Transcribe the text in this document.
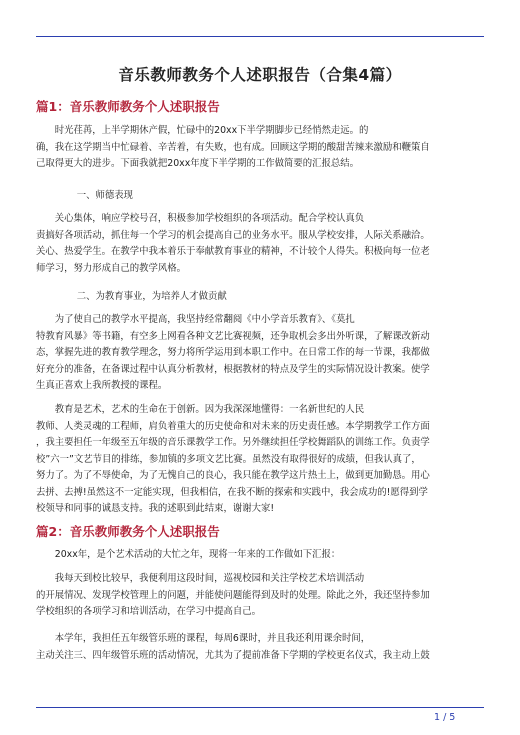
音乐教师教务个人述职报告（合集4篇）
篇1：音乐教师教务个人述职报告
　　时光荏苒，上半学期休产假，忙碌中的20xx下半学期脚步已经悄然走远。的
确，我在这学期当中忙碌着、辛苦着，有失败，也有成。回顾这学期的酸甜苦辣来激励和鞭策自
己取得更大的进步。下面我就把20xx年度下半学期的工作做简要的汇报总结。
　　一、师德表现
　　关心集体，响应学校号召，积极参加学校组织的各项活动。配合学校认真负
责搞好各项活动，抓住每一个学习的机会提高自己的业务水平。服从学校安排，人际关系融洽。
关心、热爱学生。在教学中我本着乐于奉献教育事业的精神，不计较个人得失。积极向每一位老
师学习，努力形成自己的教学风格。
　　二、为教育事业，为培养人才做贡献
　　为了使自己的教学水平提高，我坚持经常翻阅《中小学音乐教育》、《莫扎
特教育风暴》等书籍，有空多上网看各种文艺比赛视频，还争取机会多出外听课，了解课改新动
态，掌握先进的教育教学理念，努力将所学运用到本职工作中。在日常工作的每一节课，我都做
好充分的准备，在备课过程中认真分析教材，根据教材的特点及学生的实际情况设计教案。使学
生真正喜欢上我所教授的课程。
　　教育是艺术，艺术的生命在于创新。因为我深深地懂得：一名新世纪的人民
教师、人类灵魂的工程师，肩负着重大的历史使命和对未来的历史责任感。本学期教学工作方面
，我主要担任一年级至五年级的音乐课教学工作。另外继续担任学校舞蹈队的训练工作。负责学
校”六一”文艺节目的排练，参加镇的多项文艺比赛。虽然没有取得很好的成绩，但我认真了，
努力了。为了不辱使命，为了无愧自己的良心，我只能在教学这片热土上，做到更加勤恳。用心
去拼、去搏!虽然这不一定能实现，但我相信，在我不断的探索和实践中，我会成功的!愿得到学
校领导和同事的诚恳支持。我的述职到此结束，谢谢大家!
篇2：音乐教师教务个人述职报告
　　20xx年，是个艺术活动的大忙之年，现将一年来的工作做如下汇报：
　　我每天到校比较早，我便利用这段时间，巡视校园和关注学校艺术培训活动
的开展情况、发现学校管理上的问题，并能使问题能得到及时的处理。除此之外，我还坚持参加
学校组织的各项学习和培训活动，在学习中提高自己。
　　本学年，我担任五年级管乐班的课程，每周6课时，并且我还利用课余时间，
主动关注三、四年级管乐班的活动情况，尤其为了提前准备下学期的学校更名仪式，我主动上鼓
1 / 5
